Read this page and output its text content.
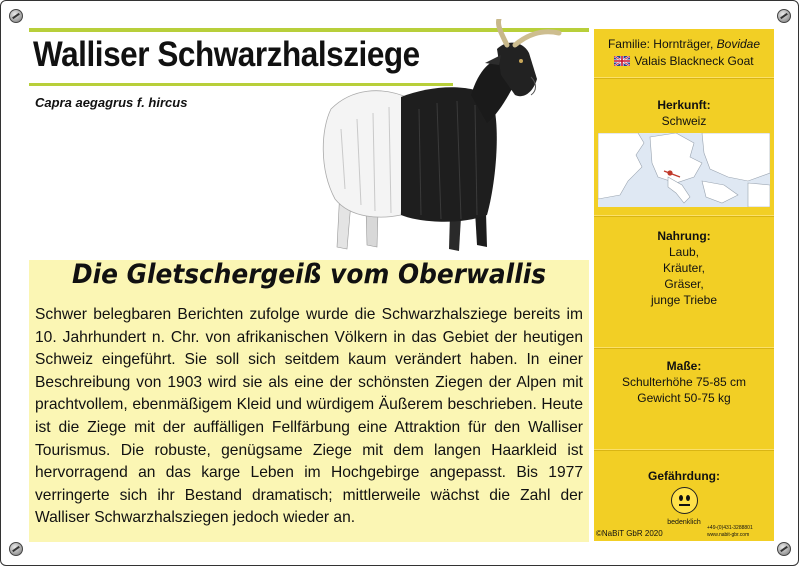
Walliser Schwarzhalsziege
Capra aegagrus f. hircus
Die Gletschergeiß vom Oberwallis
Schwer belegbaren Berichten zufolge wurde die Schwarzhalsziege bereits im 10. Jahrhundert n. Chr. von afrikanischen Völkern in das Gebiet der heutigen Schweiz eingeführt. Sie soll sich seitdem kaum verändert haben. In einer Beschreibung von 1903 wird sie als eine der schönsten Ziegen der Alpen mit prachtvollem, ebenmäßigem Kleid und würdigem Äußerem beschrieben. Heute ist die Ziege mit der auffälligen Fellfärbung eine Attraktion für den Walliser Tourismus. Die robuste, genügsame Ziege mit dem langen Haarkleid ist hervorragend an das karge Leben im Hochgebirge angepasst. Bis 1977 verringerte sich ihr Bestand dramatisch; mittlerweile wächst die Zahl der Walliser Schwarzhalsziegen jedoch wieder an.
Familie: Hornträger, Bovidae
Valais Blackneck Goat
Herkunft:
Schweiz
Nahrung:
Laub,
Kräuter,
Gräser,
junge Triebe
Maße:
Schulterhöhe 75-85 cm
Gewicht 50-75 kg
Gefährdung:
bedenklich
©NaBiT GbR 2020
+49-(0)431-3288801
www.nabit-gbr.com
